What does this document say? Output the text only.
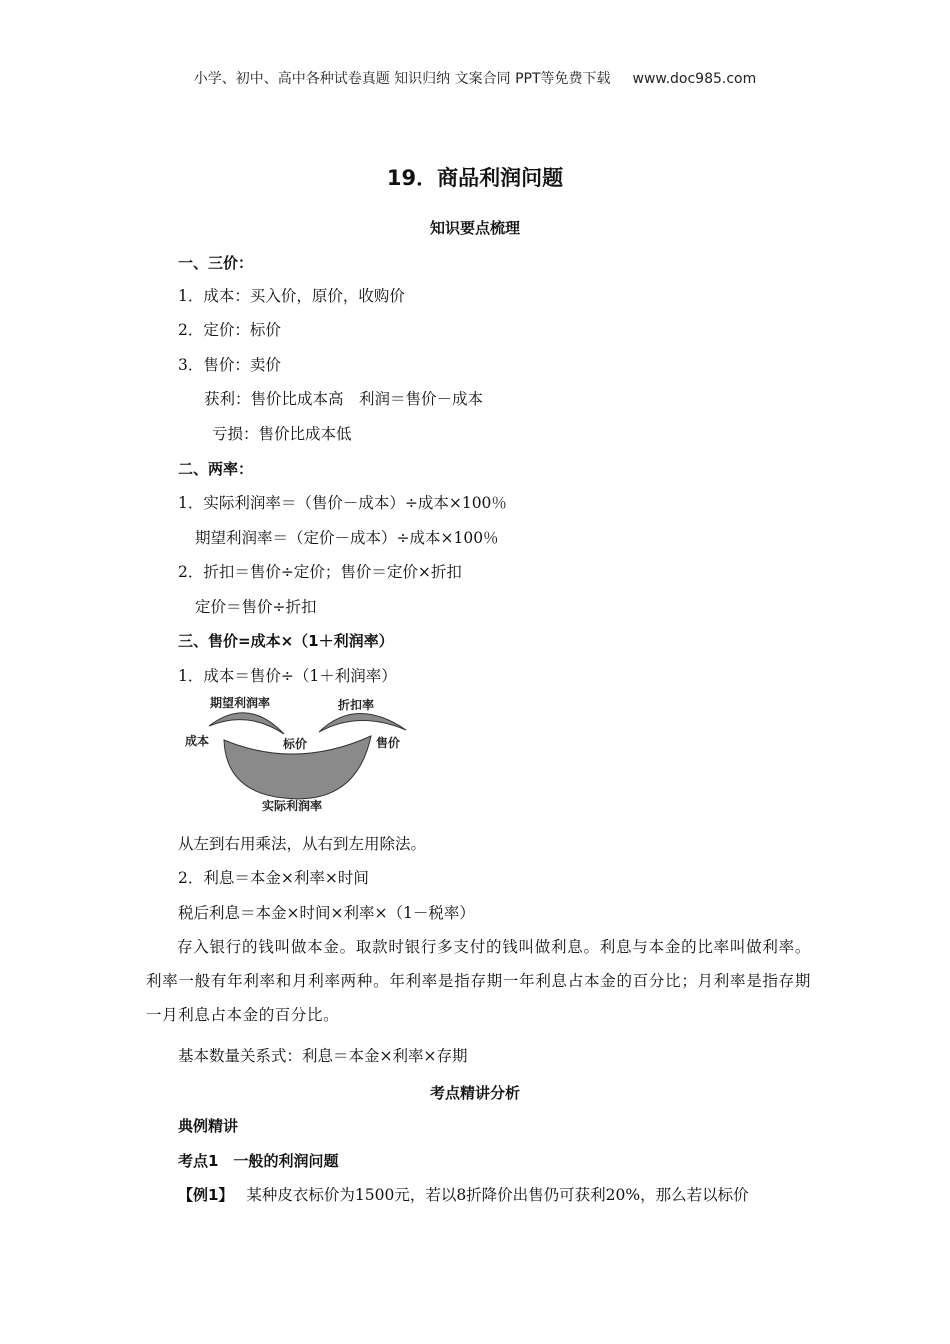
小学、初中、高中各种试卷真题 知识归纳 文案合同 PPT等免费下载 www.doc985.com
19．商品利润问题
知识要点梳理
一、三价：
1．成本：买入价，原价，收购价
2．定价：标价
3．售价：卖价
获利：售价比成本高　利润＝售价－成本
亏损：售价比成本低
二、两率：
1．实际利润率＝（售价－成本）÷成本×100％
期望利润率＝（定价－成本）÷成本×100％
2．折扣＝售价÷定价；售价＝定价×折扣
定价＝售价÷折扣
三、售价=成本×（1＋利润率）
1．成本＝售价÷（1＋利润率）
期望利润率	折扣率
成本	标价	售价
实际利润率
从左到右用乘法，从右到左用除法。
2．利息＝本金×利率×时间
税后利息＝本金×时间×利率×（1－税率）
存入银行的钱叫做本金。取款时银行多支付的钱叫做利息。利息与本金的比率叫做利率。利率一般有年利率和月利率两种。年利率是指存期一年利息占本金的百分比；月利率是指存期一月利息占本金的百分比。
基本数量关系式：利息＝本金×利率×存期
考点精讲分析
典例精讲
考点1　一般的利润问题
【例1】 某种皮衣标价为1500元，若以8折降价出售仍可获利20%，那么若以标价
